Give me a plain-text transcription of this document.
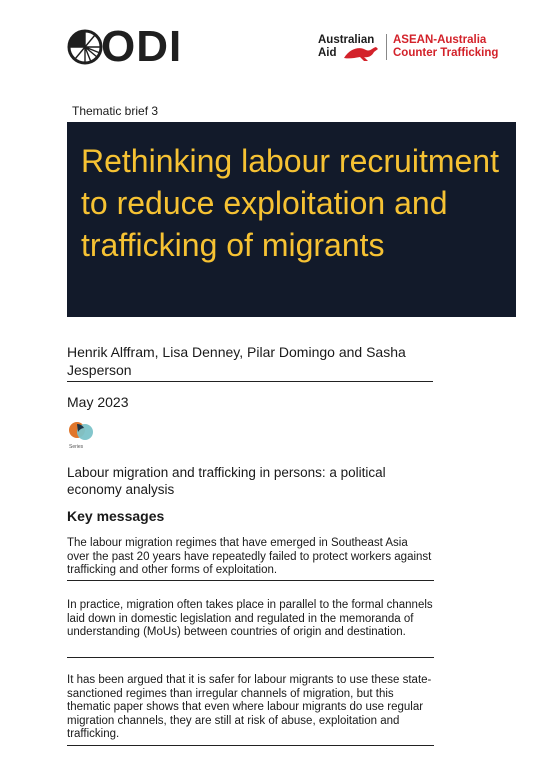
ODI	Australian
Aid
ASEAN-Australia
Counter Trafficking
Thematic brief 3
Rethinking labour recruitment to reduce exploitation and trafficking of migrants
Henrik Alffram, Lisa Denney, Pilar Domingo and Sasha Jesperson
May 2023
Series
Labour migration and trafficking in persons: a political economy analysis
Key messages
The labour migration regimes that have emerged in Southeast Asia over the past 20 years have repeatedly failed to protect workers against trafficking and other forms of exploitation.
In practice, migration often takes place in parallel to the formal channels laid down in domestic legislation and regulated in the memoranda of understanding (MoUs) between countries of origin and destination.
It has been argued that it is safer for labour migrants to use these state-sanctioned regimes than irregular channels of migration, but this thematic paper shows that even where labour migrants do use regular migration channels, they are still at risk of abuse, exploitation and trafficking.
